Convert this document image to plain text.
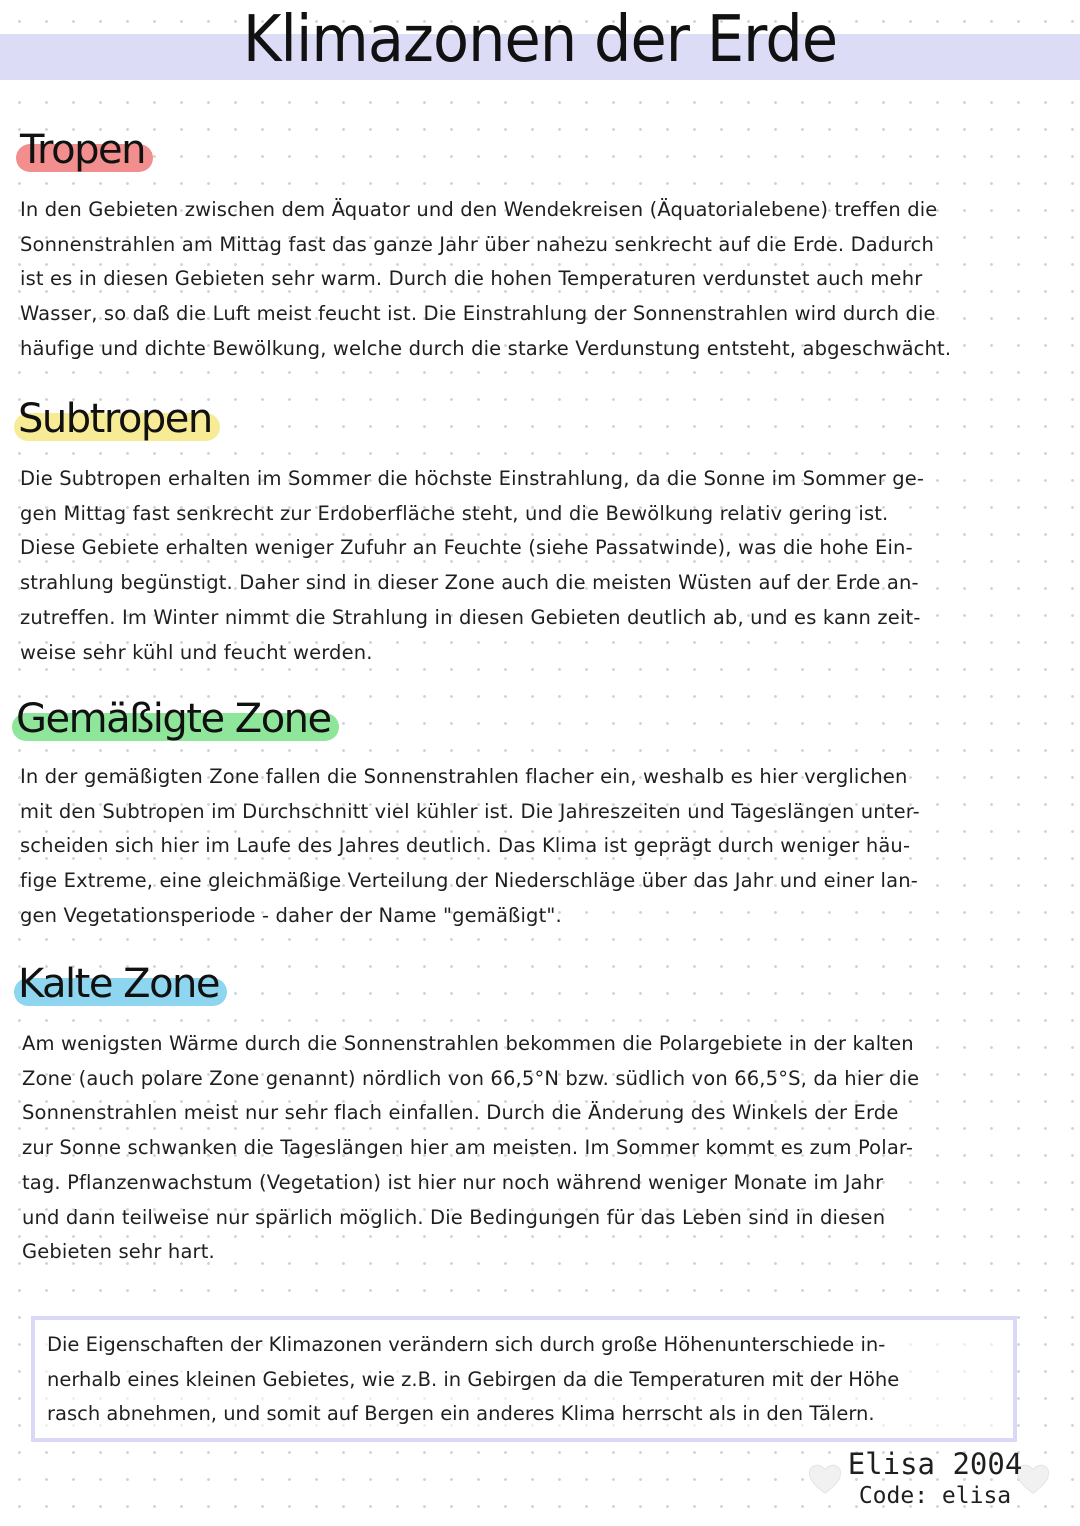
Klimazonen der Erde
Tropen
In den Gebieten zwischen dem Äquator und den Wendekreisen (Äquatorialebene) treffen die
Sonnenstrahlen am Mittag fast das ganze Jahr über nahezu senkrecht auf die Erde. Dadurch
ist es in diesen Gebieten sehr warm. Durch die hohen Temperaturen verdunstet auch mehr
Wasser, so daß die Luft meist feucht ist. Die Einstrahlung der Sonnenstrahlen wird durch die
häufige und dichte Bewölkung, welche durch die starke Verdunstung entsteht, abgeschwächt.
Subtropen
Die Subtropen erhalten im Sommer die höchste Einstrahlung, da die Sonne im Sommer ge-
gen Mittag fast senkrecht zur Erdoberfläche steht, und die Bewölkung relativ gering ist.
Diese Gebiete erhalten weniger Zufuhr an Feuchte (siehe Passatwinde), was die hohe Ein-
strahlung begünstigt. Daher sind in dieser Zone auch die meisten Wüsten auf der Erde an-
zutreffen. Im Winter nimmt die Strahlung in diesen Gebieten deutlich ab, und es kann zeit-
weise sehr kühl und feucht werden.
Gemäßigte Zone
In der gemäßigten Zone fallen die Sonnenstrahlen flacher ein, weshalb es hier verglichen
mit den Subtropen im Durchschnitt viel kühler ist. Die Jahreszeiten und Tageslängen unter-
scheiden sich hier im Laufe des Jahres deutlich. Das Klima ist geprägt durch weniger häu-
fige Extreme, eine gleichmäßige Verteilung der Niederschläge über das Jahr und einer lan-
gen Vegetationsperiode - daher der Name "gemäßigt".
Kalte Zone
Am wenigsten Wärme durch die Sonnenstrahlen bekommen die Polargebiete in der kalten
Zone (auch polare Zone genannt) nördlich von 66,5°N bzw. südlich von 66,5°S, da hier die
Sonnenstrahlen meist nur sehr flach einfallen. Durch die Änderung des Winkels der Erde
zur Sonne schwanken die Tageslängen hier am meisten. Im Sommer kommt es zum Polar-
tag. Pflanzenwachstum (Vegetation) ist hier nur noch während weniger Monate im Jahr
und dann teilweise nur spärlich möglich. Die Bedingungen für das Leben sind in diesen
Gebieten sehr hart.
Die Eigenschaften der Klimazonen verändern sich durch große Höhenunterschiede in-
nerhalb eines kleinen Gebietes, wie z.B. in Gebirgen da die Temperaturen mit der Höhe
rasch abnehmen, und somit auf Bergen ein anderes Klima herrscht als in den Tälern.
Elisa 2004
Code: elisa
